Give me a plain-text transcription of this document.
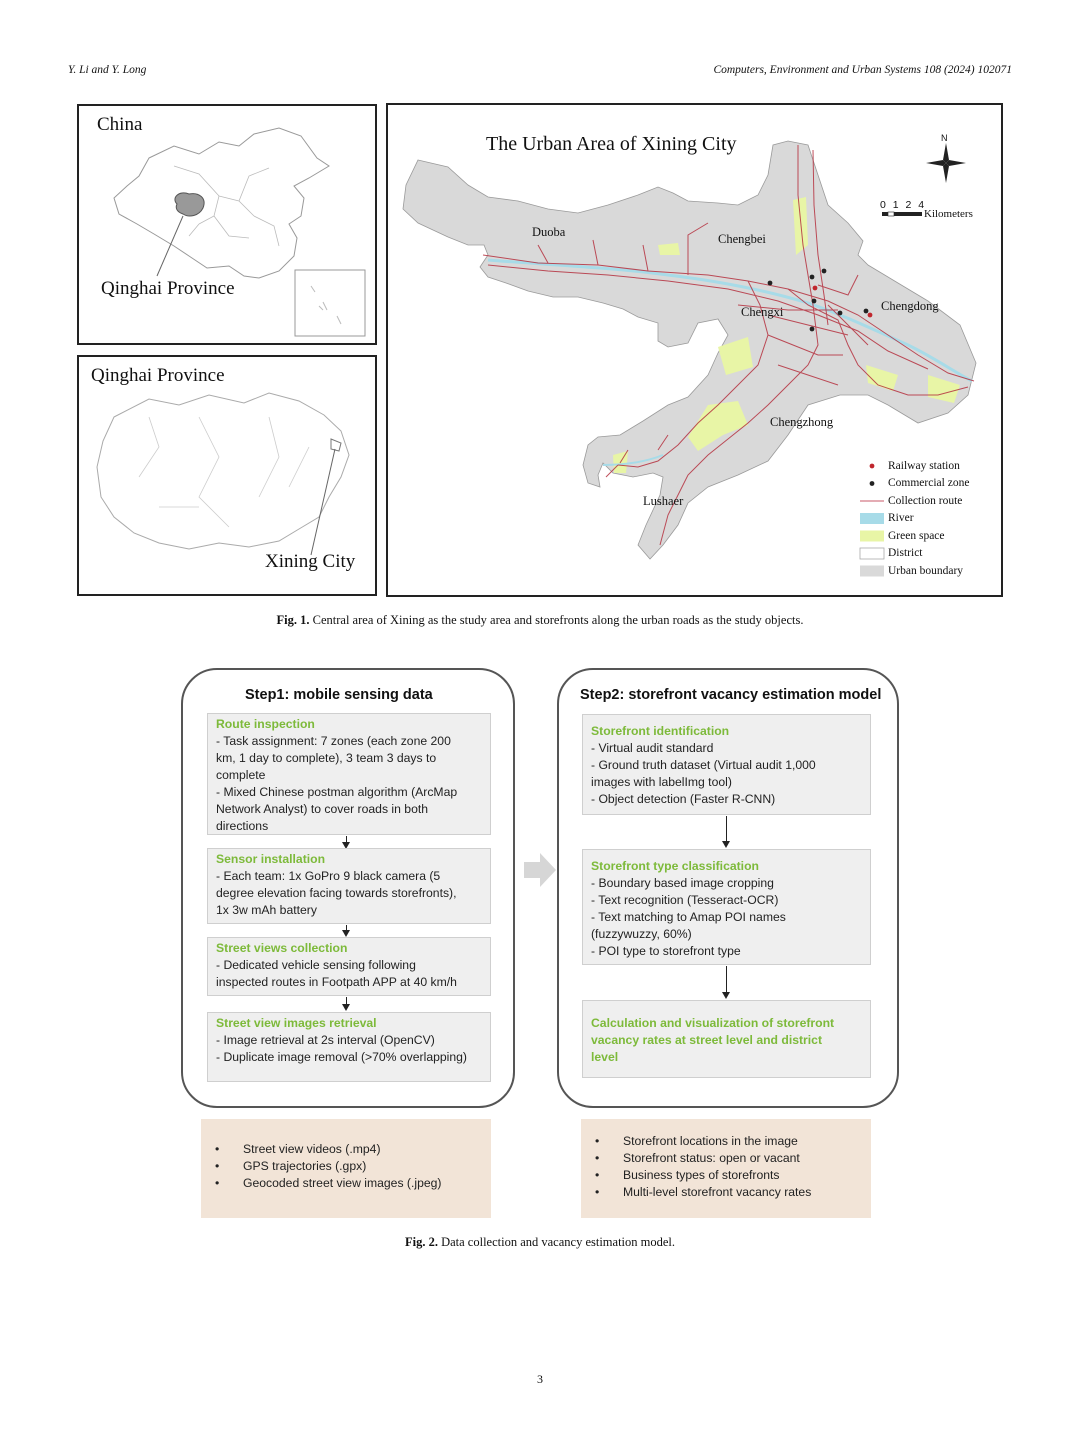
Y. Li and Y. Long	Computers, Environment and Urban Systems 108 (2024) 102071
China
Qinghai Province
Qinghai Province
Xining City
The Urban Area of Xining City	N
0 1 2 4
Kilometers
Duoba	Chengbei
Chengxi	Chengdong
Chengzhong
Lushaer
Railway station
Commercial zone
Collection route
River
Green space
District
Urban boundary
Fig. 1. Central area of Xining as the study area and storefronts along the urban roads as the study objects.
Step1: mobile sensing data
Route inspection
- Task assignment: 7 zones (each zone 200
km, 1 day to complete), 3 team 3 days to
complete
- Mixed Chinese postman algorithm (ArcMap
Network Analyst) to cover roads in both
directions
Sensor installation
- Each team: 1x GoPro 9 black camera (5
degree elevation facing towards storefronts),
1x 3w mAh battery
Street views collection
- Dedicated vehicle sensing following
inspected routes in Footpath APP at 40 km/h
Street view images retrieval
- Image retrieval at 2s interval (OpenCV)
- Duplicate image removal (>70% overlapping)
Step2: storefront vacancy estimation model
Storefront identification
- Virtual audit standard
- Ground truth dataset (Virtual audit 1,000
images with labelImg tool)
- Object detection (Faster R-CNN)
Storefront type classification
- Boundary based image cropping
- Text recognition (Tesseract-OCR)
- Text matching to Amap POI names
(fuzzywuzzy, 60%)
- POI type to storefront type
Calculation and visualization of storefront
vacancy rates at street level and district
level
• Street view videos (.mp4)
• GPS trajectories (.gpx)
• Geocoded street view images (.jpeg)
• Storefront locations in the image
• Storefront status: open or vacant
• Business types of storefronts
• Multi-level storefront vacancy rates
Fig. 2. Data collection and vacancy estimation model.
3
